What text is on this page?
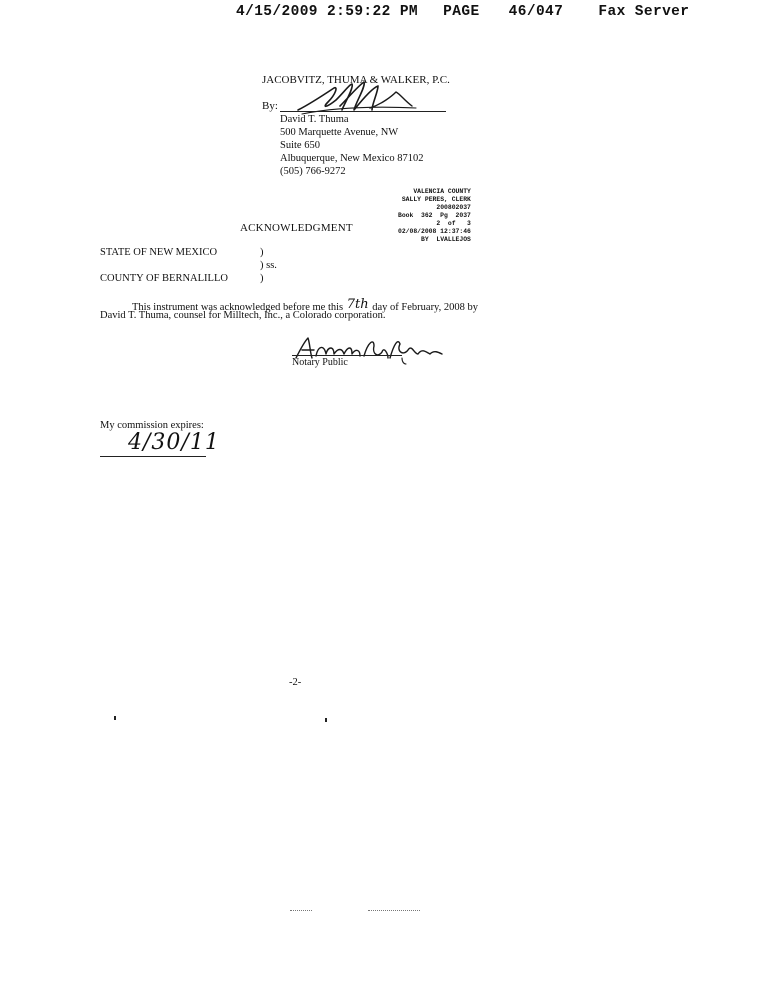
4/15/2009 2:59:22 PM PAGE 46/047 Fax Server
JACOBVITZ, THUMA & WALKER, P.C.
By:
David T. Thuma
500 Marquette Avenue, NW
Suite 650
Albuquerque, New Mexico 87102
(505) 766-9272
VALENCIA COUNTY
SALLY PERES, CLERK
200802037
Book  362  Pg  2037
2  of   3
02/08/2008 12:37:46
BY  LVALLEJOS
ACKNOWLEDGMENT
STATE OF NEW MEXICO	)
) ss.
COUNTY OF BERNALILLO	)
This instrument was acknowledged before me this 7th day of February, 2008 by
David T. Thuma, counsel for Milltech, Inc., a Colorado corporation.
Notary Public
My commission expires:
4/30/11
-2-
